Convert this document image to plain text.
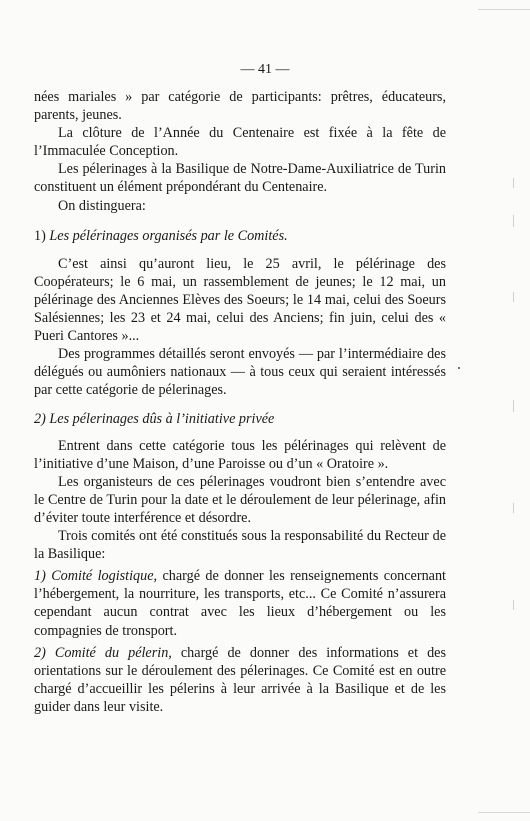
— 41 —

nées mariales » par catégorie de participants: prêtres, éducateurs, parents, jeunes.

La clôture de l’Année du Centenaire est fixée à la fête de l’Immaculée Conception.

Les pélerinages à la Basilique de Notre-Dame-Auxiliatrice de Turin constituent un élément prépondérant du Centenaire.

On distinguera:

1) Les pélérinages organisés par le Comités.

C’est ainsi qu’auront lieu, le 25 avril, le pélérinage des Coopérateurs; le 6 mai, un rassemblement de jeunes; le 12 mai, un pélérinage des Anciennes Elèves des Soeurs; le 14 mai, celui des Soeurs Salésiennes; les 23 et 24 mai, celui des Anciens; fin juin, celui des « Pueri Cantores »...

Des programmes détaillés seront envoyés — par l’intermédiaire des délégués ou aumôniers nationaux — à tous ceux qui seraient intéressés par cette catégorie de pélerinages.

2) Les pélerinages dûs à l’initiative privée

Entrent dans cette catégorie tous les pélérinages qui relèvent de l’initiative d’une Maison, d’une Paroisse ou d’un « Oratoire ».

Les organisteurs de ces pélerinages voudront bien s’entendre avec le Centre de Turin pour la date et le déroulement de leur pélerinage, afin d’éviter toute interférence et désordre.

Trois comités ont été constitués sous la responsabilité du Recteur de la Basilique:

1) Comité logistique, chargé de donner les renseignements concernant l’hébergement, la nourriture, les transports, etc... Ce Comité n’assurera cependant aucun contrat avec les lieux d’hébergement ou les compagnies de tronsport.

2) Comité du pélerin, chargé de donner des informations et des orientations sur le déroulement des pélerinages. Ce Comité est en outre chargé d’accueillir les pélerins à leur arrivée à la Basilique et de les guider dans leur visite.
